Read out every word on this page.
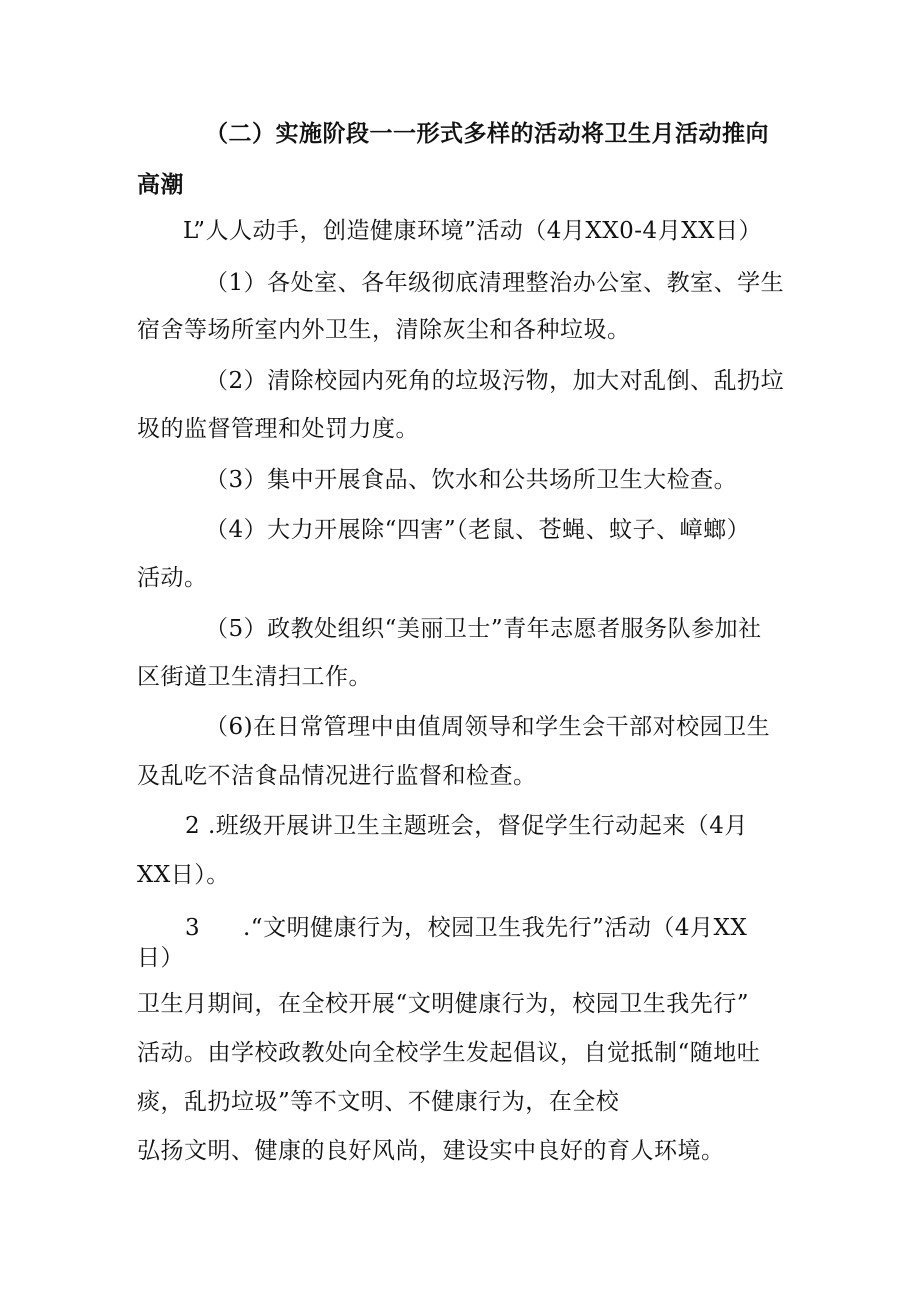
（二）实施阶段一一形式多样的活动将卫生月活动推向
高潮
L”人人动手，创造健康环境”活动（4月XX0-4月XX日）
（1）各处室、各年级彻底清理整治办公室、教室、学生
宿舍等场所室内外卫生，清除灰尘和各种垃圾。
（2）清除校园内死角的垃圾污物，加大对乱倒、乱扔垃
圾的监督管理和处罚力度。
（3）集中开展食品、饮水和公共场所卫生大检查。
（4）大力开展除“四害”（老鼠、苍蝇、蚊子、嶂螂）
活动。
（5）政教处组织“美丽卫士”青年志愿者服务队参加社
区街道卫生清扫工作。
（6)在日常管理中由值周领导和学生会干部对校园卫生
及乱吃不洁食品情况进行监督和检查。
2 .班级开展讲卫生主题班会，督促学生行动起来（4月
XX日）。
3 .“文明健康行为，校园卫生我先行”活动（4月XX
日）
卫生月期间，在全校开展“文明健康行为，校园卫生我先行”
活动。由学校政教处向全校学生发起倡议，自觉抵制“随地吐
痰，乱扔垃圾”等不文明、不健康行为，在全校
弘扬文明、健康的良好风尚，建设实中良好的育人环境。
